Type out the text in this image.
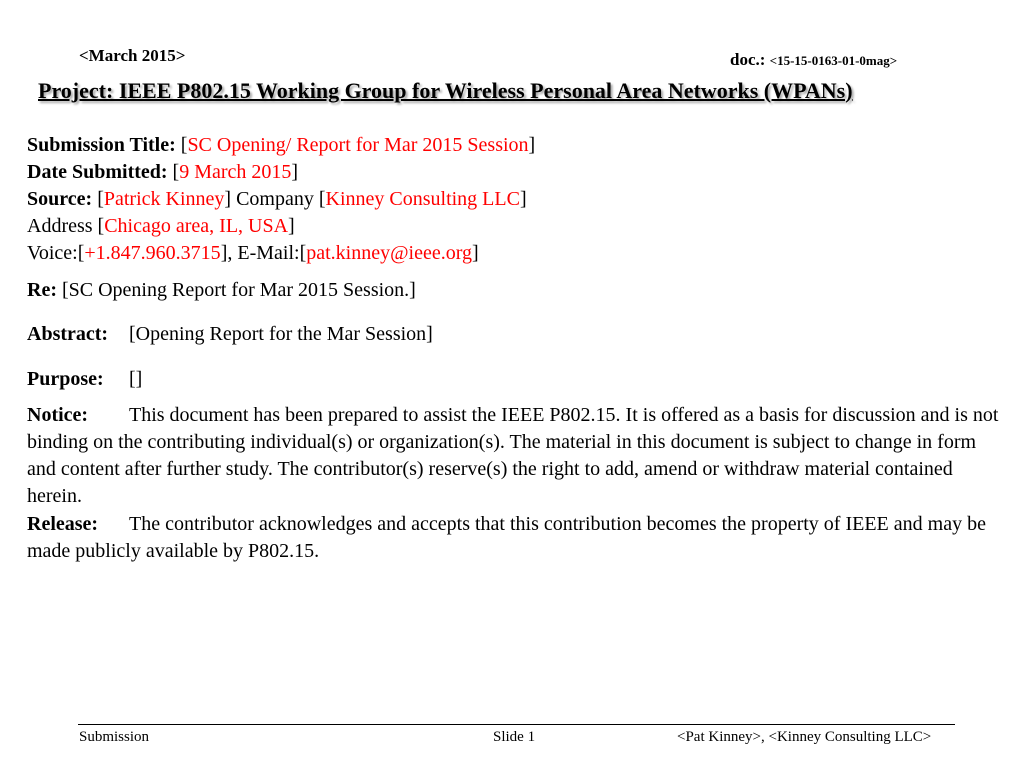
<March 2015>	doc.: <15-15-0163-01-0mag>
Project: IEEE P802.15 Working Group for Wireless Personal Area Networks (WPANs)
Submission Title: [SC Opening/ Report for Mar 2015 Session]
Date Submitted: [9 March 2015]
Source: [Patrick Kinney] Company [Kinney Consulting LLC]
Address [Chicago area, IL, USA]
Voice:[+1.847.960.3715], E-Mail:[pat.kinney@ieee.org]
Re: [SC Opening Report for Mar 2015 Session.]
Abstract: [Opening Report for the Mar Session]
Purpose: []
Notice: This document has been prepared to assist the IEEE P802.15. It is offered as a basis for discussion and is not binding on the contributing individual(s) or organization(s). The material in this document is subject to change in form and content after further study. The contributor(s) reserve(s) the right to add, amend or withdraw material contained herein.
Release: The contributor acknowledges and accepts that this contribution becomes the property of IEEE and may be made publicly available by P802.15.
Submission	Slide 1	<Pat Kinney>, <Kinney Consulting LLC>
